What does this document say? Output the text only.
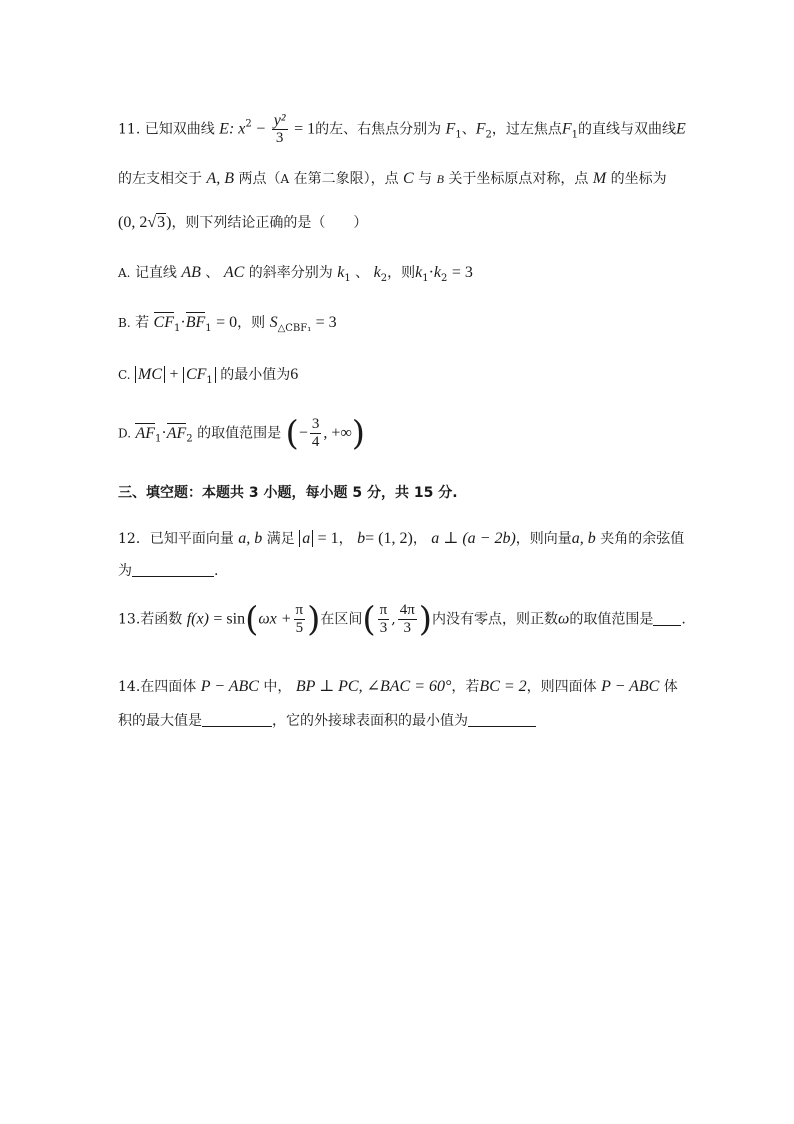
11. 已知双曲线 E: $x^2 - \frac{\text{y²}}{3} = 1$的左、右焦点分别为 $F_1$、$F_2$，过左焦点$F_1$的直线与双曲线E
的左支相交于 A, B 两点（A 在第二象限），点 C 与 B 关于坐标原点对称，点 M 的坐标为
(0, 2√3)，则下列结论正确的是（　　）
A. 记直线 AB 、 AC 的斜率分别为 $k_1$ 、 $k_2$，则$k_1\cdot k_2 = 3$
B. 若 $CF_1\cdot BF_1 = 0$，则 $S_{\triangle CBF_1} = 3$
C. MC + $CF_1$ 的最小值为6
D. $AF_1\cdot AF_2$ 的取值范围是 (− $\frac{3}{4}$ , +∞)
三、填空题：本题共 3 小题，每小题 5 分，共 15 分.
12．已知平面向量 a, b 满足 a = 1， b= (1, 2)， a ⊥ (a − 2b)，则向量a, b 夹角的余弦值
为	.
13.若函数 $f(x) = \sin(\omega x + \frac{\pi}{5}$ )在区间( $\frac{\pi}{3}$ , $\frac{4\pi}{3}$ )内没有零点，则正数ω的取值范围是 .
14.在四面体 P − ABC 中， BP ⊥ PC, ∠BAC = 60°，若BC = 2，则四面体 P − ABC 体
积的最大值是	，它的外接球表面积的最小值为
